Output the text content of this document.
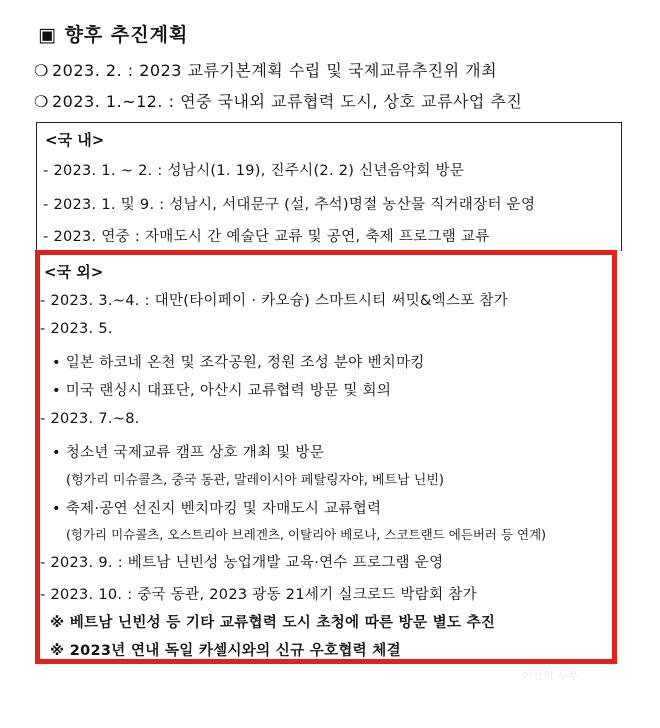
▣ 향후 추진계획
❍ 2023. 2. : 2023 교류기본계획 수립 및 국제교류추진위 개최
❍ 2023. 1.~12. : 연중 국내외 교류협력 도시, 상호 교류사업 추진
<국 내>
- 2023. 1. ~ 2. : 성남시(1. 19), 진주시(2. 2) 신년음악회 방문
- 2023. 1. 및 9. : 성남시, 서대문구 (설, 추석)명절 농산물 직거래장터 운영
- 2023. 연중 : 자매도시 간 예술단 교류 및 공연, 축제 프로그램 교류
<국 외>
- 2023. 3.~4. : 대만(타이페이 · 카오슝) 스마트시티 써밋&엑스포 참가
- 2023. 5.
• 일본 하코네 온천 및 조각공원, 정원 조성 분야 벤치마킹
• 미국 랜싱시 대표단, 아산시 교류협력 방문 및 회의
- 2023. 7.~8.
• 청소년 국제교류 캠프 상호 개최 및 방문
(헝가리 미슈콜츠, 중국 동관, 말레이시아 페탈링자야, 베트남 닌빈)
• 축제·공연 선진지 벤치마킹 및 자매도시 교류협력
(헝가리 미슈콜츠, 오스트리아 브레겐츠, 이탈리아 베로나, 스코트랜드 에든버러 등 연계)
- 2023. 9. : 베트남 닌빈성 농업개발 교육·연수 프로그램 운영
- 2023. 10. : 중국 동관, 2023 광동 21세기 실크로드 박람회 참가
※ 베트남 닌빈성 등 기타 교류협력 도시 초청에 따른 방문 별도 추진
※ 2023년 연내 독일 카셀시와의 신규 우호협력 체결
아산의 두부
